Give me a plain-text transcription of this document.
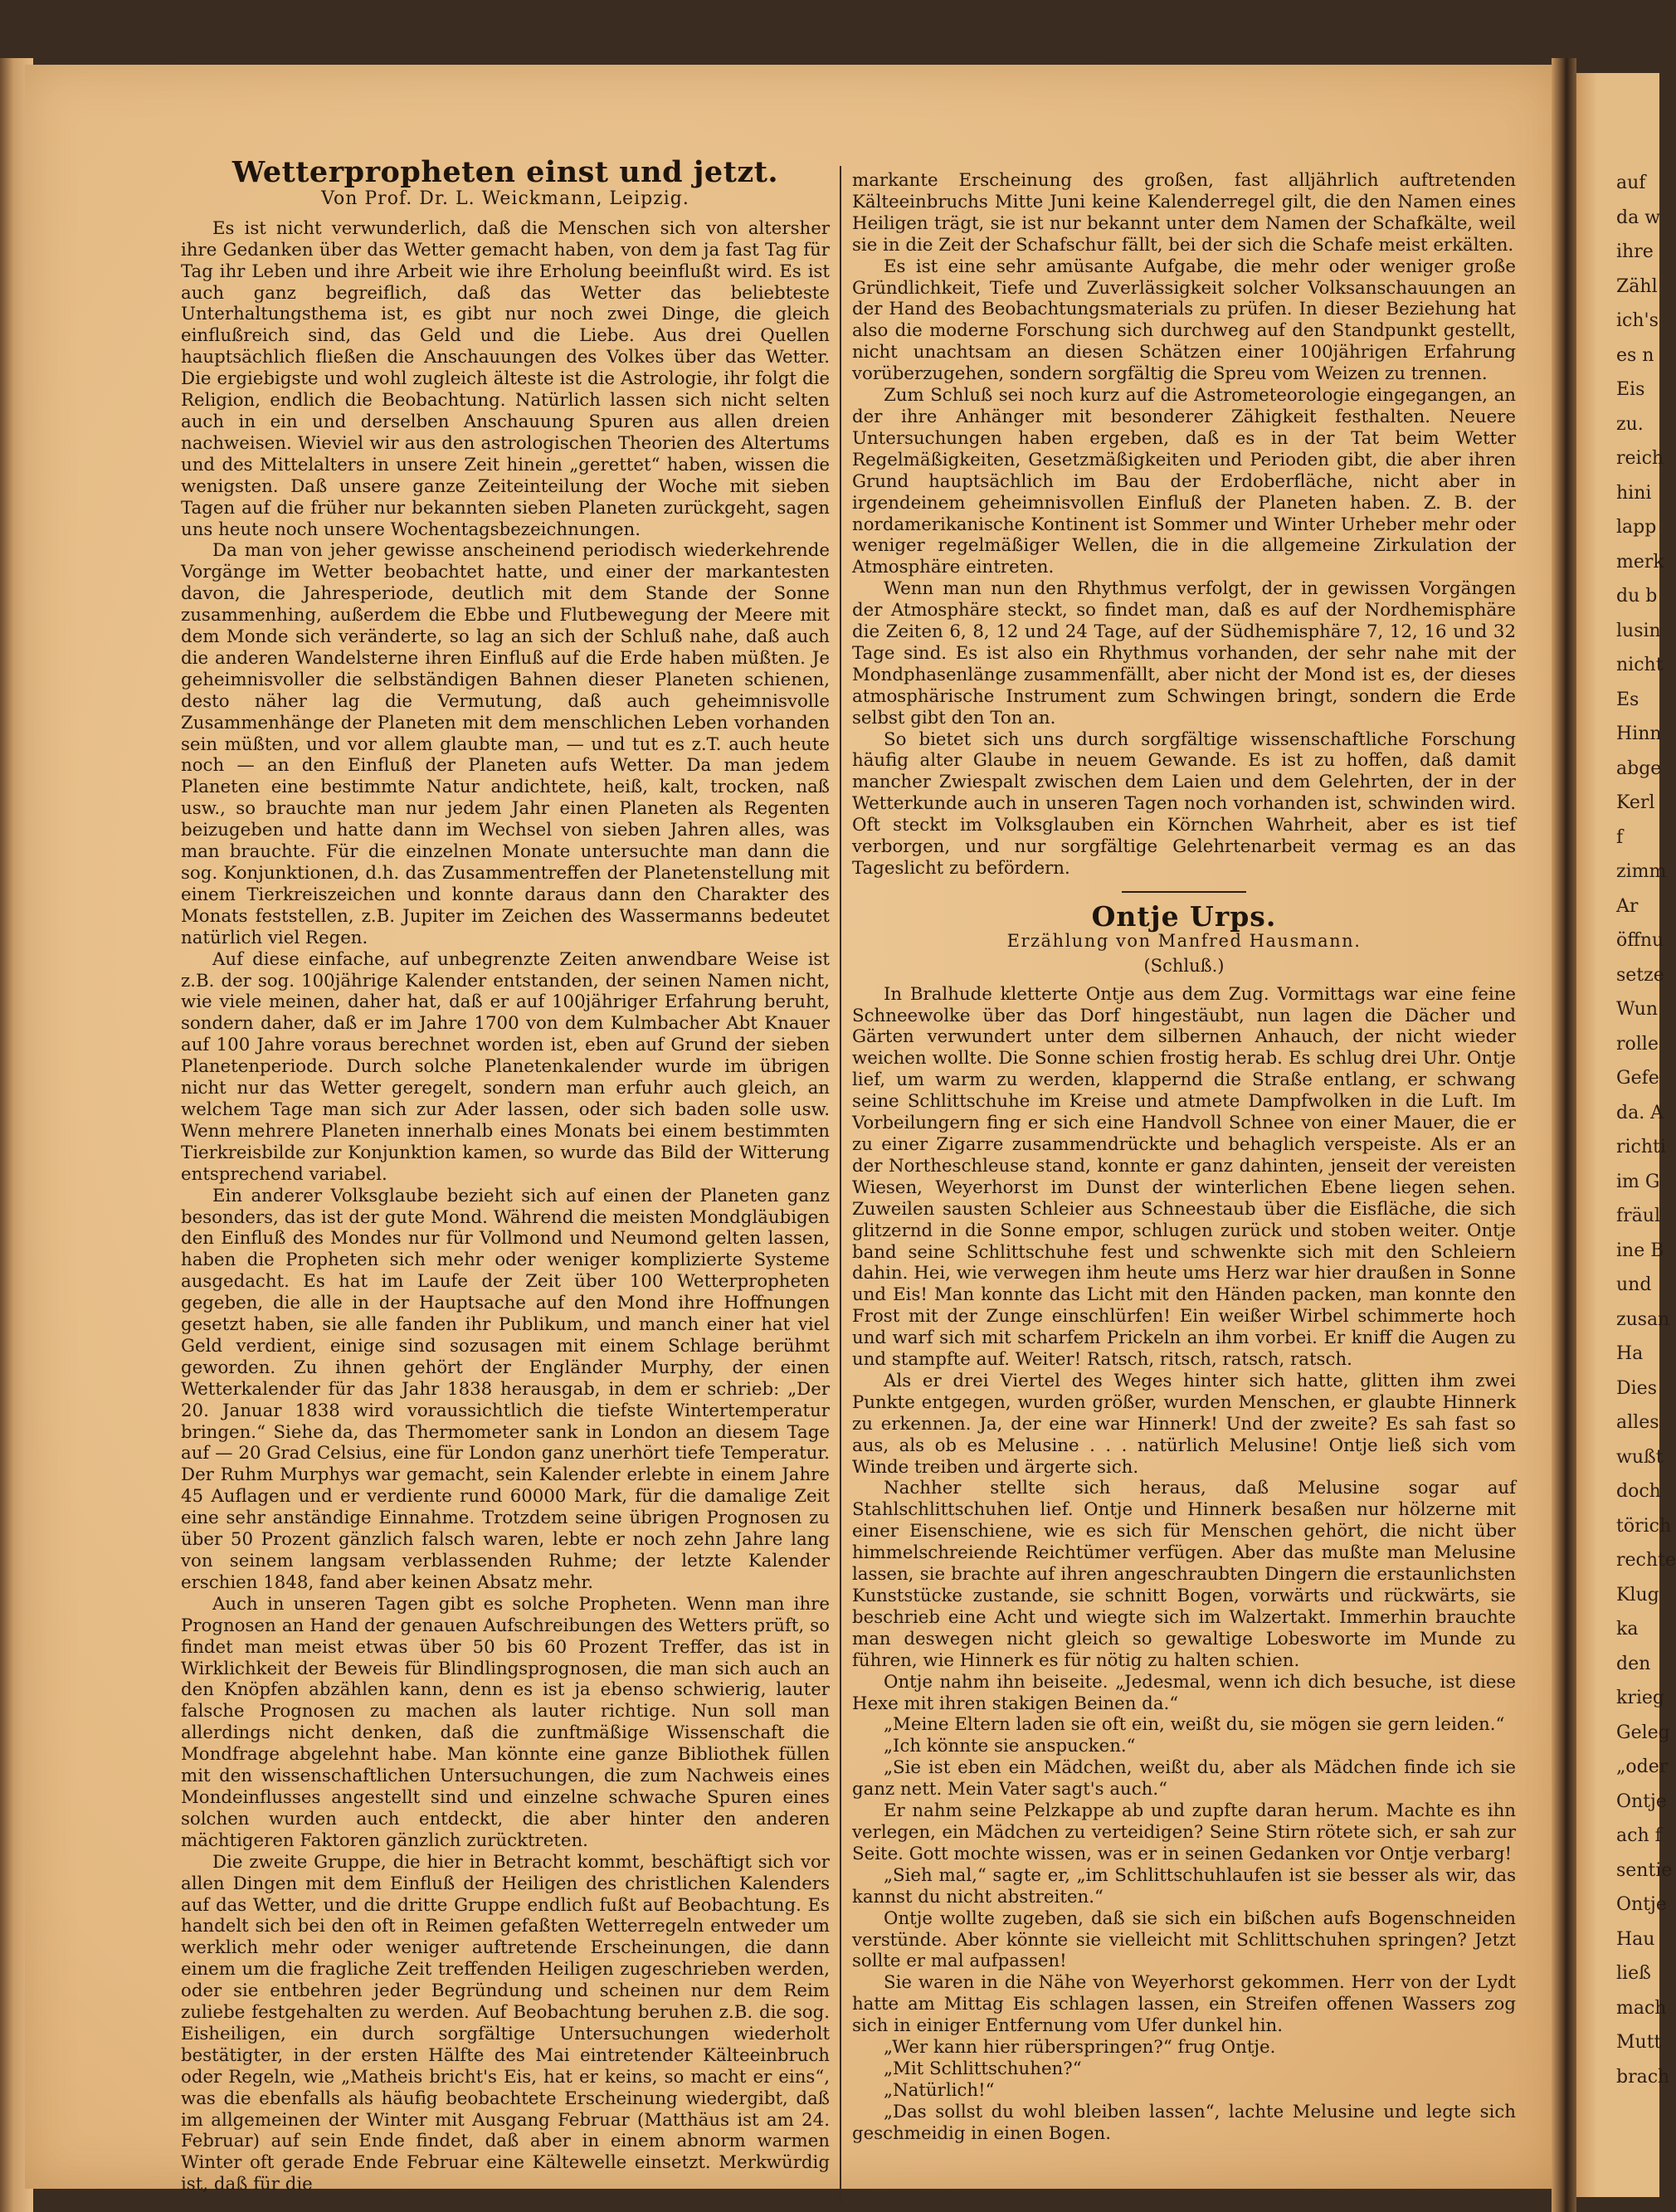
Wetterpropheten einst und jetzt.
Von Prof. Dr. L. Weickmann, Leipzig.

Es ist nicht verwunderlich, daß die Menschen sich von altersher ihre Gedanken über das Wetter gemacht haben, von dem ja fast Tag für Tag ihr Leben und ihre Arbeit wie ihre Erholung beeinflußt wird. Es ist auch ganz begreiflich, daß das Wetter das beliebteste Unterhaltungsthema ist, es gibt nur noch zwei Dinge, die gleich einflußreich sind, das Geld und die Liebe. Aus drei Quellen hauptsächlich fließen die Anschauungen des Volkes über das Wetter. Die ergiebigste und wohl zugleich älteste ist die Astrologie, ihr folgt die Religion, endlich die Beobachtung. Natürlich lassen sich nicht selten auch in ein und derselben Anschauung Spuren aus allen dreien nachweisen. Wieviel wir aus den astrologischen Theorien des Altertums und des Mittelalters in unsere Zeit hinein „gerettet“ haben, wissen die wenigsten. Daß unsere ganze Zeiteinteilung der Woche mit sieben Tagen auf die früher nur bekannten sieben Planeten zurückgeht, sagen uns heute noch unsere Wochentagsbezeichnungen.

Da man von jeher gewisse anscheinend periodisch wiederkehrende Vorgänge im Wetter beobachtet hatte, und einer der markantesten davon, die Jahresperiode, deutlich mit dem Stande der Sonne zusammenhing, außerdem die Ebbe und Flutbewegung der Meere mit dem Monde sich veränderte, so lag an sich der Schluß nahe, daß auch die anderen Wandelsterne ihren Einfluß auf die Erde haben müßten. Je geheimnisvoller die selbständigen Bahnen dieser Planeten schienen, desto näher lag die Vermutung, daß auch geheimnisvolle Zusammenhänge der Planeten mit dem menschlichen Leben vorhanden sein müßten, und vor allem glaubte man, — und tut es z.T. auch heute noch — an den Einfluß der Planeten aufs Wetter. Da man jedem Planeten eine bestimmte Natur andichtete, heiß, kalt, trocken, naß usw., so brauchte man nur jedem Jahr einen Planeten als Regenten beizugeben und hatte dann im Wechsel von sieben Jahren alles, was man brauchte. Für die einzelnen Monate untersuchte man dann die sog. Konjunktionen, d.h. das Zusammentreffen der Planetenstellung mit einem Tierkreiszeichen und konnte daraus dann den Charakter des Monats feststellen, z.B. Jupiter im Zeichen des Wassermanns bedeutet natürlich viel Regen.

Auf diese einfache, auf unbegrenzte Zeiten anwendbare Weise ist z.B. der sog. 100jährige Kalender entstanden, der seinen Namen nicht, wie viele meinen, daher hat, daß er auf 100jähriger Erfahrung beruht, sondern daher, daß er im Jahre 1700 von dem Kulmbacher Abt Knauer auf 100 Jahre voraus berechnet worden ist, eben auf Grund der sieben Planetenperiode. Durch solche Planetenkalender wurde im übrigen nicht nur das Wetter geregelt, sondern man erfuhr auch gleich, an welchem Tage man sich zur Ader lassen, oder sich baden solle usw. Wenn mehrere Planeten innerhalb eines Monats bei einem bestimmten Tierkreisbilde zur Konjunktion kamen, so wurde das Bild der Witterung entsprechend variabel.

Ein anderer Volksglaube bezieht sich auf einen der Planeten ganz besonders, das ist der gute Mond. Während die meisten Mondgläubigen den Einfluß des Mondes nur für Vollmond und Neumond gelten lassen, haben die Propheten sich mehr oder weniger komplizierte Systeme ausgedacht. Es hat im Laufe der Zeit über 100 Wetterpropheten gegeben, die alle in der Hauptsache auf den Mond ihre Hoffnungen gesetzt haben, sie alle fanden ihr Publikum, und manch einer hat viel Geld verdient, einige sind sozusagen mit einem Schlage berühmt geworden. Zu ihnen gehört der Engländer Murphy, der einen Wetterkalender für das Jahr 1838 herausgab, in dem er schrieb: „Der 20. Januar 1838 wird voraussichtlich die tiefste Wintertemperatur bringen.“ Siehe da, das Thermometer sank in London an diesem Tage auf — 20 Grad Celsius, eine für London ganz unerhört tiefe Temperatur. Der Ruhm Murphys war gemacht, sein Kalender erlebte in einem Jahre 45 Auflagen und er verdiente rund 60000 Mark, für die damalige Zeit eine sehr anständige Einnahme. Trotzdem seine übrigen Prognosen zu über 50 Prozent gänzlich falsch waren, lebte er noch zehn Jahre lang von seinem langsam verblassenden Ruhme; der letzte Kalender erschien 1848, fand aber keinen Absatz mehr.

Auch in unseren Tagen gibt es solche Propheten. Wenn man ihre Prognosen an Hand der genauen Aufschreibungen des Wetters prüft, so findet man meist etwas über 50 bis 60 Prozent Treffer, das ist in Wirklichkeit der Beweis für Blindlingsprognosen, die man sich auch an den Knöpfen abzählen kann, denn es ist ja ebenso schwierig, lauter falsche Prognosen zu machen als lauter richtige. Nun soll man allerdings nicht denken, daß die zunftmäßige Wissenschaft die Mondfrage abgelehnt habe. Man könnte eine ganze Bibliothek füllen mit den wissenschaftlichen Untersuchungen, die zum Nachweis eines Mondeinflusses angestellt sind und einzelne schwache Spuren eines solchen wurden auch entdeckt, die aber hinter den anderen mächtigeren Faktoren gänzlich zurücktreten.

Die zweite Gruppe, die hier in Betracht kommt, beschäftigt sich vor allen Dingen mit dem Einfluß der Heiligen des christlichen Kalenders auf das Wetter, und die dritte Gruppe endlich fußt auf Beobachtung. Es handelt sich bei den oft in Reimen gefaßten Wetterregeln entweder um werklich mehr oder weniger auftretende Erscheinungen, die dann einem um die fragliche Zeit treffenden Heiligen zugeschrieben werden, oder sie entbehren jeder Begründung und scheinen nur dem Reim zuliebe festgehalten zu werden. Auf Beobachtung beruhen z.B. die sog. Eisheiligen, ein durch sorgfältige Untersuchungen wiederholt bestätigter, in der ersten Hälfte des Mai eintretender Kälteeinbruch oder Regeln, wie „Matheis bricht's Eis, hat er keins, so macht er eins“, was die ebenfalls als häufig beobachtete Erscheinung wiedergibt, daß im allgemeinen der Winter mit Ausgang Februar (Matthäus ist am 24. Februar) auf sein Ende findet, daß aber in einem abnorm warmen Winter oft gerade Ende Februar eine Kältewelle einsetzt. Merkwürdig ist, daß für die

markante Erscheinung des großen, fast alljährlich auftretenden Kälteeinbruchs Mitte Juni keine Kalenderregel gilt, die den Namen eines Heiligen trägt, sie ist nur bekannt unter dem Namen der Schafkälte, weil sie in die Zeit der Schafschur fällt, bei der sich die Schafe meist erkälten.

Es ist eine sehr amüsante Aufgabe, die mehr oder weniger große Gründlichkeit, Tiefe und Zuverlässigkeit solcher Volksanschauungen an der Hand des Beobachtungsmaterials zu prüfen. In dieser Beziehung hat also die moderne Forschung sich durchweg auf den Standpunkt gestellt, nicht unachtsam an diesen Schätzen einer 100jährigen Erfahrung vorüberzugehen, sondern sorgfältig die Spreu vom Weizen zu trennen.

Zum Schluß sei noch kurz auf die Astrometeorologie eingegangen, an der ihre Anhänger mit besonderer Zähigkeit festhalten. Neuere Untersuchungen haben ergeben, daß es in der Tat beim Wetter Regelmäßigkeiten, Gesetzmäßigkeiten und Perioden gibt, die aber ihren Grund hauptsächlich im Bau der Erdoberfläche, nicht aber in irgendeinem geheimnisvollen Einfluß der Planeten haben. Z. B. der nordamerikanische Kontinent ist Sommer und Winter Urheber mehr oder weniger regelmäßiger Wellen, die in die allgemeine Zirkulation der Atmosphäre eintreten.

Wenn man nun den Rhythmus verfolgt, der in gewissen Vorgängen der Atmosphäre steckt, so findet man, daß es auf der Nordhemisphäre die Zeiten 6, 8, 12 und 24 Tage, auf der Südhemisphäre 7, 12, 16 und 32 Tage sind. Es ist also ein Rhythmus vorhanden, der sehr nahe mit der Mondphasenlänge zusammenfällt, aber nicht der Mond ist es, der dieses atmosphärische Instrument zum Schwingen bringt, sondern die Erde selbst gibt den Ton an.

So bietet sich uns durch sorgfältige wissenschaftliche Forschung häufig alter Glaube in neuem Gewande. Es ist zu hoffen, daß damit mancher Zwiespalt zwischen dem Laien und dem Gelehrten, der in der Wetterkunde auch in unseren Tagen noch vorhanden ist, schwinden wird. Oft steckt im Volksglauben ein Körnchen Wahrheit, aber es ist tief verborgen, und nur sorgfältige Gelehrtenarbeit vermag es an das Tageslicht zu befördern.

Ontje Urps.
Erzählung von Manfred Hausmann.
(Schluß.)

In Bralhude kletterte Ontje aus dem Zug. Vormittags war eine feine Schneewolke über das Dorf hingestäubt, nun lagen die Dächer und Gärten verwundert unter dem silbernen Anhauch, der nicht wieder weichen wollte. Die Sonne schien frostig herab. Es schlug drei Uhr. Ontje lief, um warm zu werden, klappernd die Straße entlang, er schwang seine Schlittschuhe im Kreise und atmete Dampfwolken in die Luft. Im Vorbeilungern fing er sich eine Handvoll Schnee von einer Mauer, die er zu einer Zigarre zusammendrückte und behaglich verspeiste. Als er an der Northeschleuse stand, konnte er ganz dahinten, jenseit der vereisten Wiesen, Weyerhorst im Dunst der winterlichen Ebene liegen sehen. Zuweilen sausten Schleier aus Schneestaub über die Eisfläche, die sich glitzernd in die Sonne empor, schlugen zurück und stoben weiter. Ontje band seine Schlittschuhe fest und schwenkte sich mit den Schleiern dahin. Hei, wie verwegen ihm heute ums Herz war hier draußen in Sonne und Eis! Man konnte das Licht mit den Händen packen, man konnte den Frost mit der Zunge einschlürfen! Ein weißer Wirbel schimmerte hoch und warf sich mit scharfem Prickeln an ihm vorbei. Er kniff die Augen zu und stampfte auf. Weiter! Ratsch, ritsch, ratsch, ratsch.

Als er drei Viertel des Weges hinter sich hatte, glitten ihm zwei Punkte entgegen, wurden größer, wurden Menschen, er glaubte Hinnerk zu erkennen. Ja, der eine war Hinnerk! Und der zweite? Es sah fast so aus, als ob es Melusine . . . natürlich Melusine! Ontje ließ sich vom Winde treiben und ärgerte sich.

Nachher stellte sich heraus, daß Melusine sogar auf Stahlschlittschuhen lief. Ontje und Hinnerk besaßen nur hölzerne mit einer Eisenschiene, wie es sich für Menschen gehört, die nicht über himmelschreiende Reichtümer verfügen. Aber das mußte man Melusine lassen, sie brachte auf ihren angeschraubten Dingern die erstaunlichsten Kunststücke zustande, sie schnitt Bogen, vorwärts und rückwärts, sie beschrieb eine Acht und wiegte sich im Walzertakt. Immerhin brauchte man deswegen nicht gleich so gewaltige Lobesworte im Munde zu führen, wie Hinnerk es für nötig zu halten schien.

Ontje nahm ihn beiseite. „Jedesmal, wenn ich dich besuche, ist diese Hexe mit ihren stakigen Beinen da.“

„Meine Eltern laden sie oft ein, weißt du, sie mögen sie gern leiden.“

„Ich könnte sie anspucken.“

„Sie ist eben ein Mädchen, weißt du, aber als Mädchen finde ich sie ganz nett. Mein Vater sagt's auch.“

Er nahm seine Pelzkappe ab und zupfte daran herum. Machte es ihn verlegen, ein Mädchen zu verteidigen? Seine Stirn rötete sich, er sah zur Seite. Gott mochte wissen, was er in seinen Gedanken vor Ontje verbarg!

„Sieh mal,“ sagte er, „im Schlittschuhlaufen ist sie besser als wir, das kannst du nicht abstreiten.“

Ontje wollte zugeben, daß sie sich ein bißchen aufs Bogenschneiden verstünde. Aber könnte sie vielleicht mit Schlittschuhen springen? Jetzt sollte er mal aufpassen!

Sie waren in die Nähe von Weyerhorst gekommen. Herr von der Lydt hatte am Mittag Eis schlagen lassen, ein Streifen offenen Wassers zog sich in einiger Entfernung vom Ufer dunkel hin.

„Wer kann hier rüberspringen?“ frug Ontje.

„Mit Schlittschuhen?“

„Natürlich!“

„Das sollst du wohl bleiben lassen“, lachte Melusine und legte sich geschmeidig in einen Bogen.

auf
da w
ihre
Zähl
ich's
es n
Eis
zu.
reich
hini
lapp
merk
du b
lusin
nicht
Es
Hinn
abge
Kerl
f
zimm
Ar
öffnu
setze
Wun
rolle
Gefe
da. A
richti
im G
fräul
ine B
und
zusan
Ha
Dies
alles
wußt
doch
törich
rechte
Klug
ka
den
krieg
Geleg
„oder
Ontje
ach f
sentie
Ontje
Hau
ließ
mach
Mutt
brach
